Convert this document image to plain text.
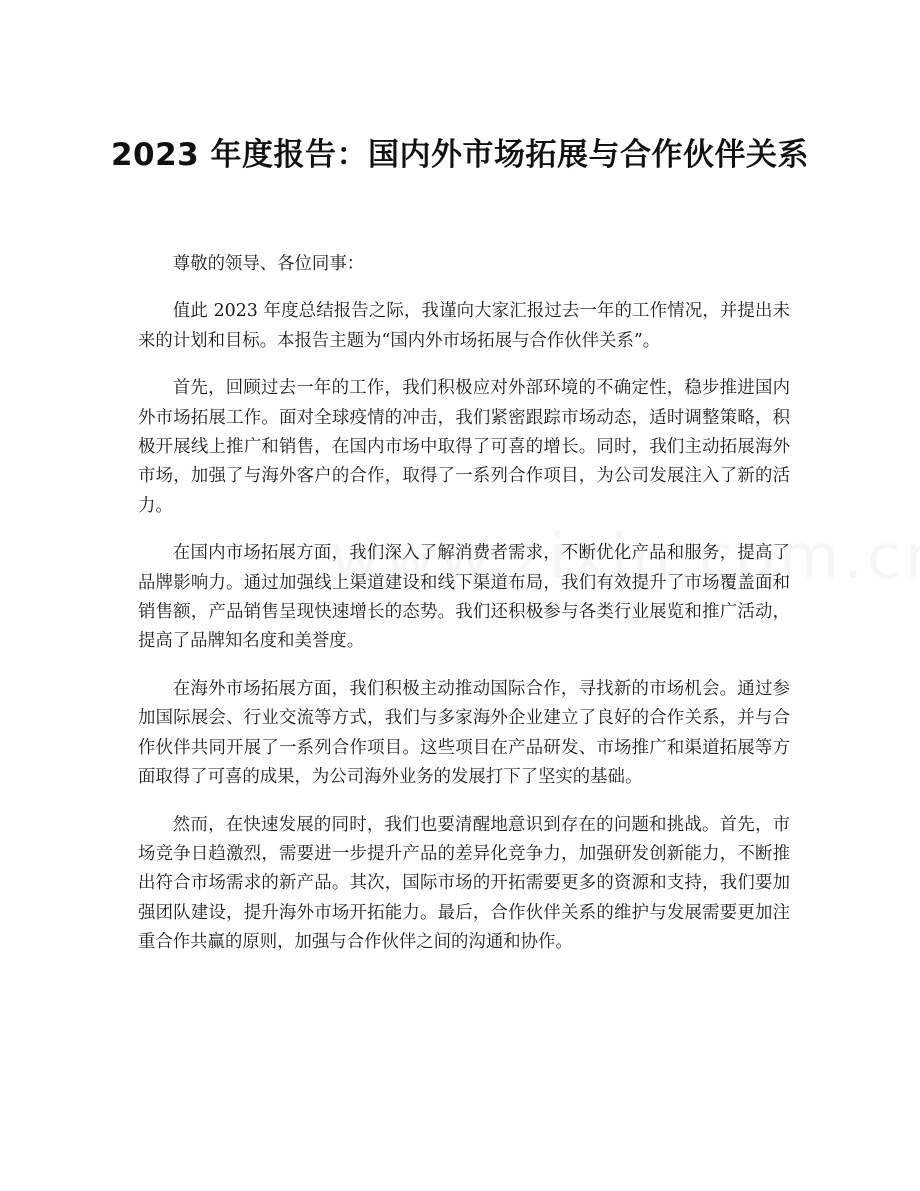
2023 年度报告：国内外市场拓展与合作伙伴关系

尊敬的领导、各位同事：

值此 2023 年度总结报告之际，我谨向大家汇报过去一年的工作情况，并提出未来的计划和目标。本报告主题为“国内外市场拓展与合作伙伴关系”。

首先，回顾过去一年的工作，我们积极应对外部环境的不确定性，稳步推进国内外市场拓展工作。面对全球疫情的冲击，我们紧密跟踪市场动态，适时调整策略，积极开展线上推广和销售，在国内市场中取得了可喜的增长。同时，我们主动拓展海外市场，加强了与海外客户的合作，取得了一系列合作项目，为公司发展注入了新的活力。

在国内市场拓展方面，我们深入了解消费者需求，不断优化产品和服务，提高了品牌影响力。通过加强线上渠道建设和线下渠道布局，我们有效提升了市场覆盖面和销售额，产品销售呈现快速增长的态势。我们还积极参与各类行业展览和推广活动，提高了品牌知名度和美誉度。

在海外市场拓展方面，我们积极主动推动国际合作，寻找新的市场机会。通过参加国际展会、行业交流等方式，我们与多家海外企业建立了良好的合作关系，并与合作伙伴共同开展了一系列合作项目。这些项目在产品研发、市场推广和渠道拓展等方面取得了可喜的成果，为公司海外业务的发展打下了坚实的基础。

然而，在快速发展的同时，我们也要清醒地意识到存在的问题和挑战。首先，市场竞争日趋激烈，需要进一步提升产品的差异化竞争力，加强研发创新能力，不断推出符合市场需求的新产品。其次，国际市场的开拓需要更多的资源和支持，我们要加强团队建设，提升海外市场开拓能力。最后，合作伙伴关系的维护与发展需要更加注重合作共赢的原则，加强与合作伙伴之间的沟通和协作。
